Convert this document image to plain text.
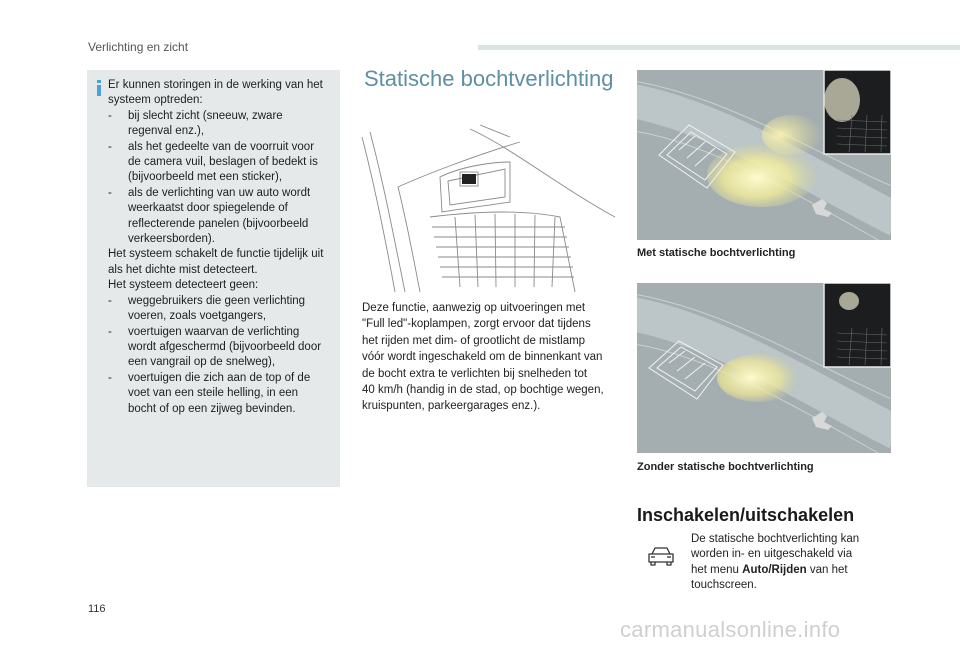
Verlichting en zicht
Er kunnen storingen in de werking van het
systeem optreden:
- bij slecht zicht (sneeuw, zware
regenval enz.),
- als het gedeelte van de voorruit voor
de camera vuil, beslagen of bedekt is
(bijvoorbeeld met een sticker),
- als de verlichting van uw auto wordt
weerkaatst door spiegelende of
reflecterende panelen (bijvoorbeeld
verkeersborden).
Het systeem schakelt de functie tijdelijk uit
als het dichte mist detecteert.
Het systeem detecteert geen:
- weggebruikers die geen verlichting
voeren, zoals voetgangers,
- voertuigen waarvan de verlichting
wordt afgeschermd (bijvoorbeeld door
een vangrail op de snelweg),
- voertuigen die zich aan de top of de
voet van een steile helling, in een
bocht of op een zijweg bevinden.
Statische bochtverlichting
Deze functie, aanwezig op uitvoeringen met
"Full led"-koplampen, zorgt ervoor dat tijdens
het rijden met dim- of grootlicht de mistlamp
vóór wordt ingeschakeld om de binnenkant van
de bocht extra te verlichten bij snelheden tot
40 km/h (handig in de stad, op bochtige wegen,
kruispunten, parkeergarages enz.).
Met statische bochtverlichting
Zonder statische bochtverlichting
Inschakelen/uitschakelen
De statische bochtverlichting kan
worden in- en uitgeschakeld via
het menu Auto/Rijden van het
touchscreen.
116
carmanualsonline.info
